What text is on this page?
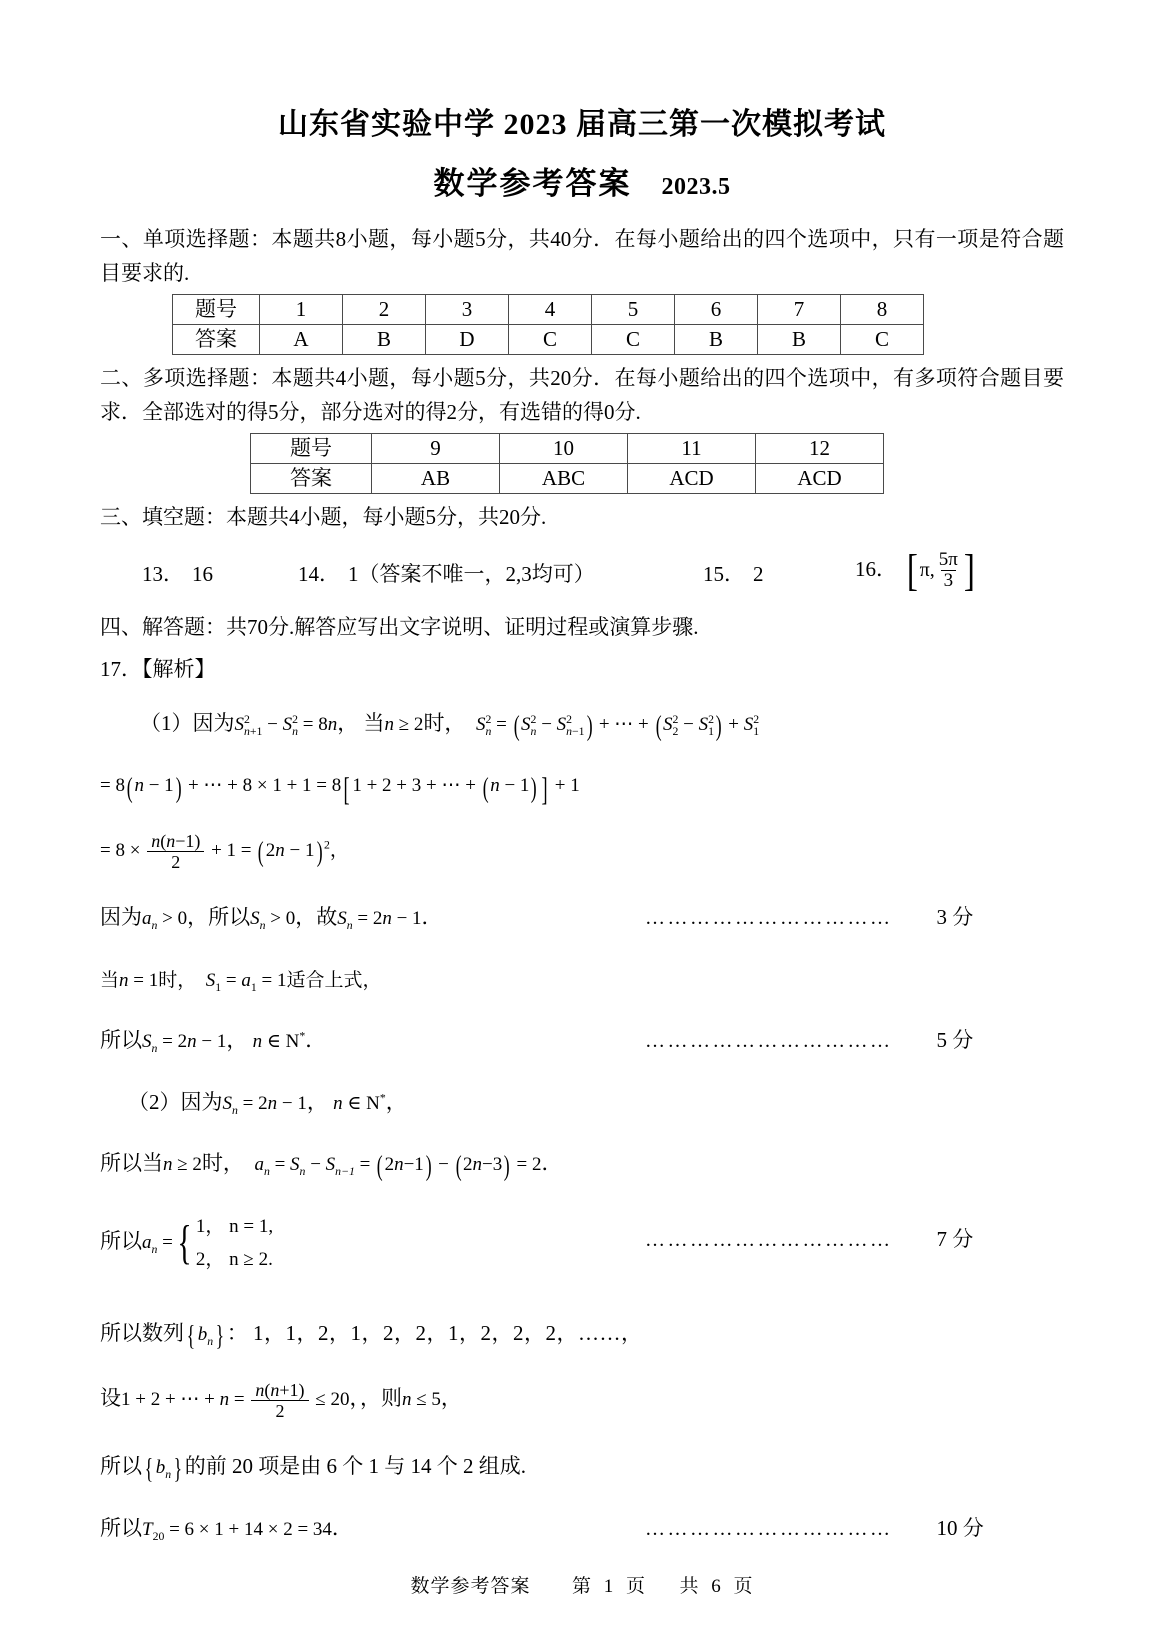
山东省实验中学 2023 届高三第一次模拟考试
数学参考答案 2023.5
一、单项选择题：本题共8小题，每小题5分，共40分．在每小题给出的四个选项中，只有一项是符合题目要求的.
题号	1	2	3	4	5	6	7	8
答案	A	B	D	C	C	B	B	C
二、多项选择题：本题共4小题，每小题5分，共20分．在每小题给出的四个选项中，有多项符合题目要求．全部选对的得5分，部分选对的得2分，有选错的得0分.
题号	9	10	11	12
答案	AB	ABC	ACD	ACD
三、填空题：本题共4小题，每小题5分，共20分.
13． 16	14． 1（答案不唯一，2,3均可）	15． 2	16． [ π, $\frac{5\pi}{3}$ ]
四、解答题：共70分.解答应写出文字说明、证明过程或演算步骤.
17．【解析】
（1）因为S 2
n+1 − S 2
n = 8n， 当n ≥ 2时， S 2
n = (S 2
n − S 2
n−1 ) + ⋯ + (S 2
2 − S 2
1 ) + S 2
1
= 8(n − 1) + ⋯ + 8 × 1 + 1 = 8[ 1 + 2 + 3 + ⋯ + (n − 1) ] + 1
= $8 \times \frac{n(n-1)}{2} + 1 = (2n - 1)$ $^2$，
因为$a_n > 0$，所以$S_n > 0$，故$S_n = 2n - 1$．	…………………………… 3 分
当n = 1时，  $S_1 = a_1 = 1$适合上式，
所以$S_n = 2n - 1$， n ∈ N*．	…………………………… 5 分
（2）因为$S_n = 2n - 1$， n ∈ N*，
所以当n ≥ 2时， $a_n = S_n - S_{n-1} = (2n-1) - (2n-3) = 2$．
所以$a_n$ = { 1， n = 1,
2， n ≥ 2.
…………………………… 7 分
所以数列{ $b_n$} ： 1，1，2，1，2，2，1，2，2，2，……，
设1 + 2 + ⋯ + $n = \frac{n(n+1)}{2} \le 20$，，则n ≤ 5，
所以{ $b_n$} 的前 20 项是由 6 个 1 与 14 个 2 组成.
所以$T_{20} = 6 \times 1 + 14 \times 2 = 34$．	…………………………… 10 分
数学参考答案 第 1 页 共 6 页
